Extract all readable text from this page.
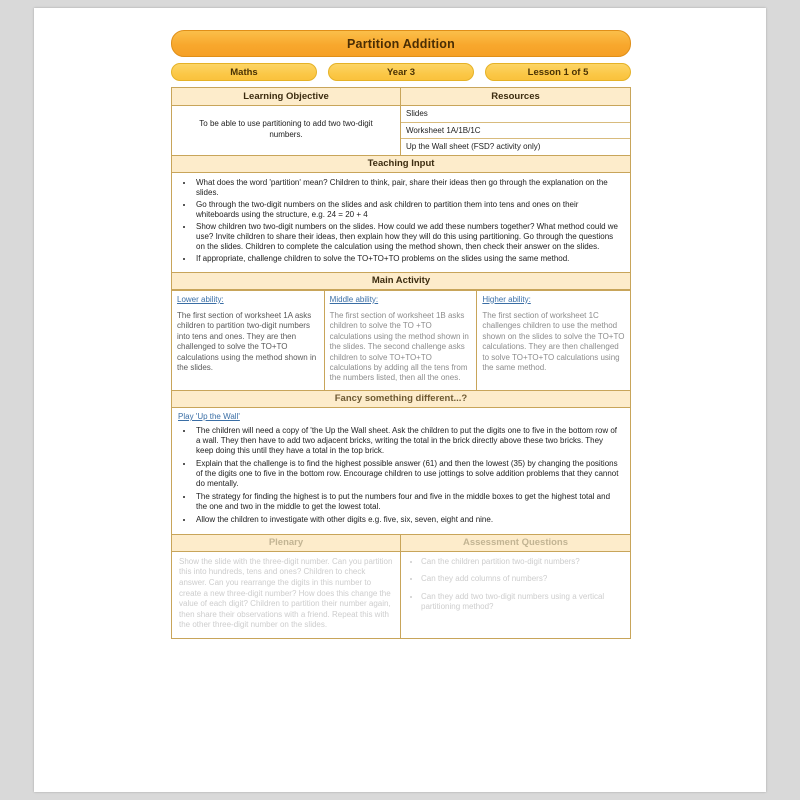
Partition Addition
Maths	Year 3	Lesson 1 of 5
Learning Objective	Resources
To be able to use partitioning to add two two-digit numbers.
Slides
Worksheet 1A/1B/1C
Up the Wall sheet (FSD? activity only)
Teaching Input
• What does the word 'partition' mean? Children to think, pair, share their ideas then go through the explanation on the slides.
• Go through the two-digit numbers on the slides and ask children to partition them into tens and ones on their whiteboards using the structure, e.g. 24 = 20 + 4
• Show children two two-digit numbers on the slides. How could we add these numbers together? What method could we use? Invite children to share their ideas, then explain how they will do this using partitioning. Go through the questions on the slides. Children to complete the calculation using the method shown, then check their answer on the slides.
• If appropriate, challenge children to solve the TO+TO+TO problems on the slides using the same method.
Main Activity
Lower ability:
The first section of worksheet 1A asks children to partition two-digit numbers into tens and ones. They are then challenged to solve the TO+TO calculations using the method shown in the slides.
Middle ability:
The first section of worksheet 1B asks children to solve the TO +TO calculations using the method shown in the slides. The second challenge asks children to solve TO+TO+TO calculations by adding all the tens from the numbers listed, then all the ones.
Higher ability:
The first section of worksheet 1C challenges children to use the method shown on the slides to solve the TO+TO calculations. They are then challenged to solve TO+TO+TO calculations using the same method.
Fancy something different...?
Play 'Up the Wall'
• The children will need a copy of 'the Up the Wall sheet. Ask the children to put the digits one to five in the bottom row of a wall. They then have to add two adjacent bricks, writing the total in the brick directly above these two bricks. They keep doing this until they have a total in the top brick.
• Explain that the challenge is to find the highest possible answer (61) and then the lowest (35) by changing the positions of the digits one to five in the bottom row. Encourage children to use jottings to solve addition problems that they cannot do mentally.
• The strategy for finding the highest is to put the numbers four and five in the middle boxes to get the highest total and the one and two in the middle to get the lowest total.
• Allow the children to investigate with other digits e.g. five, six, seven, eight and nine.
Plenary
Show the slide with the three-digit number. Can you partition this into hundreds, tens and ones? Children to check answer. Can you rearrange the digits in this number to create a new three-digit number? How does this change the value of each digit? Children to partition their number again, then share their observations with a friend. Repeat this with the other three-digit number on the slides.
Assessment Questions
• Can the children partition two-digit numbers?
• Can they add columns of numbers?
• Can they add two two-digit numbers using a vertical partitioning method?
